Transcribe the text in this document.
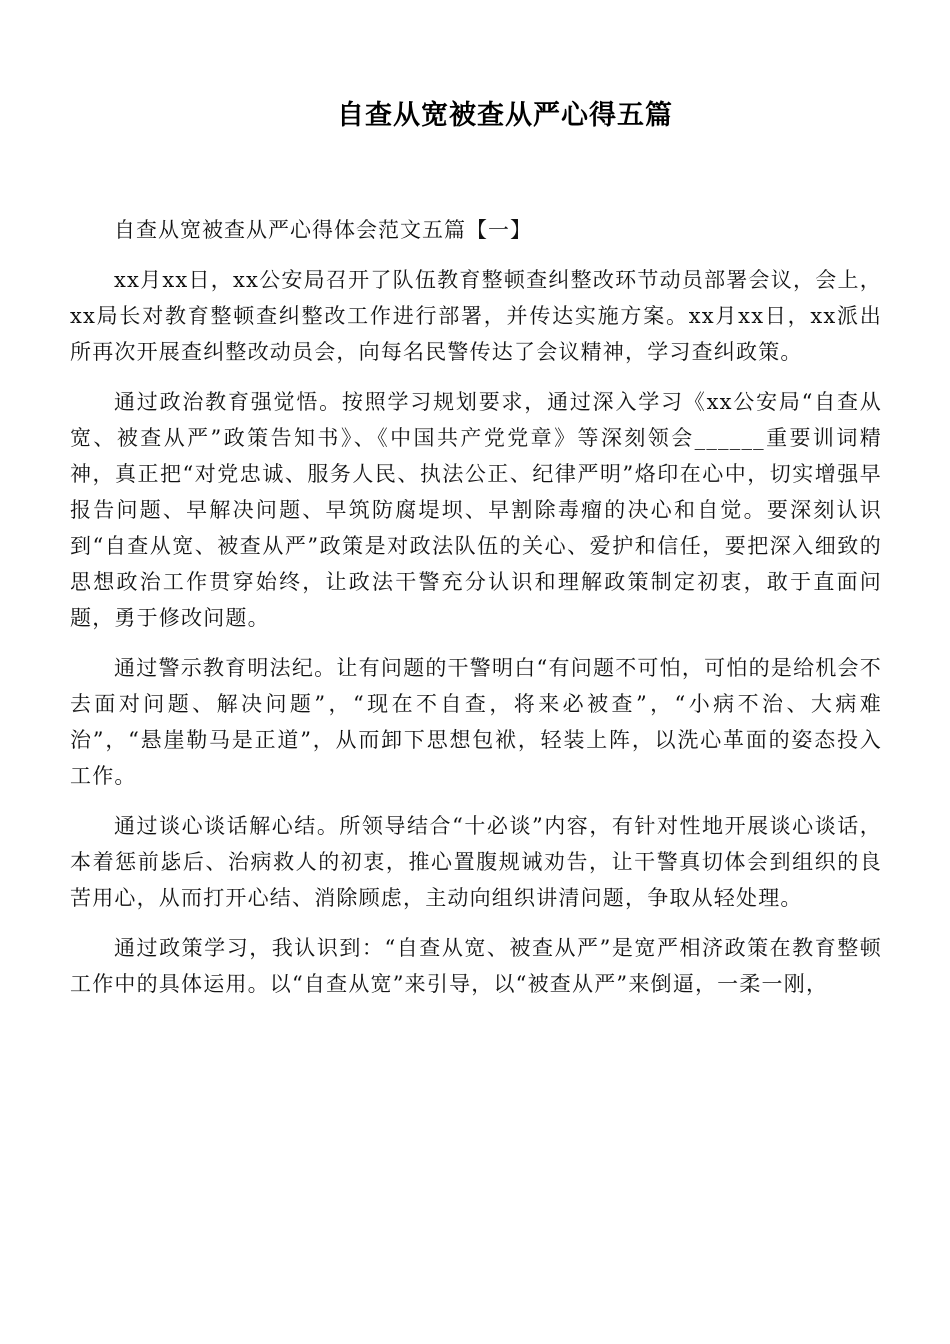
自查从宽被查从严心得五篇

自查从宽被查从严心得体会范文五篇【一】

xx月xx日，xx公安局召开了队伍教育整顿查纠整改环节动员部署会议，会上，xx局长对教育整顿查纠整改工作进行部署，并传达实施方案。xx月xx日，xx派出所再次开展查纠整改动员会，向每名民警传达了会议精神，学习查纠政策。

通过政治教育强觉悟。按照学习规划要求，通过深入学习《xx公安局“自查从宽、被查从严”政策告知书》、《中国共产党党章》等深刻领会______重要训词精神，真正把“对党忠诚、服务人民、执法公正、纪律严明”烙印在心中，切实增强早报告问题、早解决问题、早筑防腐堤坝、早割除毒瘤的决心和自觉。要深刻认识到“自查从宽、被查从严”政策是对政法队伍的关心、爱护和信任，要把深入细致的思想政治工作贯穿始终，让政法干警充分认识和理解政策制定初衷，敢于直面问题，勇于修改问题。

通过警示教育明法纪。让有问题的干警明白“有问题不可怕，可怕的是给机会不去面对问题、解决问题”，“现在不自查，将来必被查”，“小病不治、大病难治”，“悬崖勒马是正道”，从而卸下思想包袱，轻装上阵，以洗心革面的姿态投入工作。

通过谈心谈话解心结。所领导结合“十必谈”内容，有针对性地开展谈心谈话，本着惩前毖后、治病救人的初衷，推心置腹规诫劝告，让干警真切体会到组织的良苦用心，从而打开心结、消除顾虑，主动向组织讲清问题，争取从轻处理。

通过政策学习，我认识到：“自查从宽、被查从严”是宽严相济政策在教育整顿工作中的具体运用。以“自查从宽”来引导，以“被查从严”来倒逼，一柔一刚，
